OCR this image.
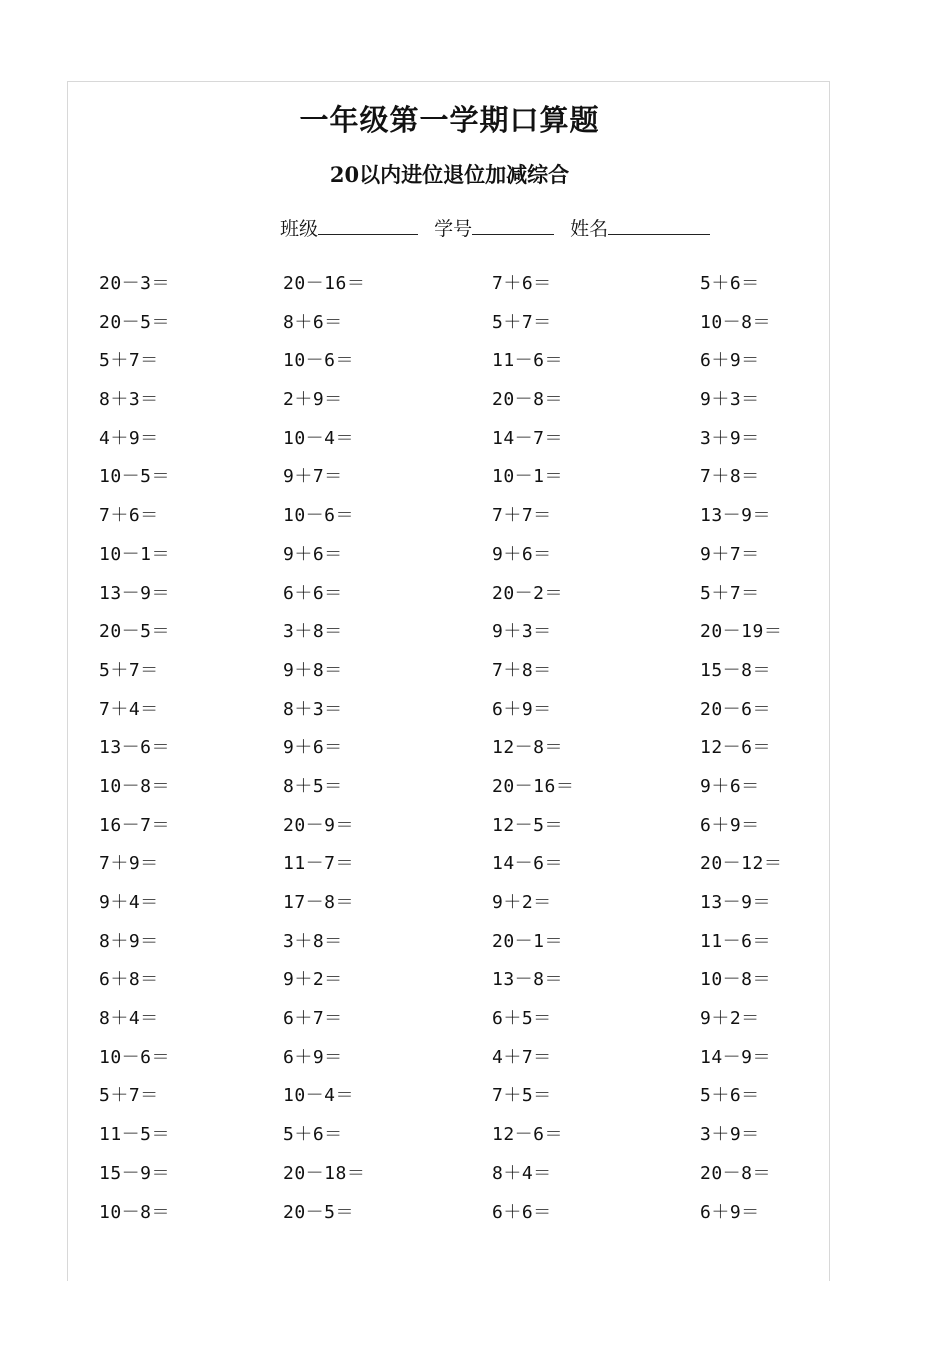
一年级第一学期口算题
20以内进位退位加减综合
班级	学号	姓名
20－3＝	20－16＝	7＋6＝	5＋6＝
20－5＝	8＋6＝	5＋7＝	10－8＝
5＋7＝	10－6＝	11－6＝	6＋9＝
8＋3＝	2＋9＝	20－8＝	9＋3＝
4＋9＝	10－4＝	14－7＝	3＋9＝
10－5＝	9＋7＝	10－1＝	7＋8＝
7＋6＝	10－6＝	7＋7＝	13－9＝
10－1＝	9＋6＝	9＋6＝	9＋7＝
13－9＝	6＋6＝	20－2＝	5＋7＝
20－5＝	3＋8＝	9＋3＝	20－19＝
5＋7＝	9＋8＝	7＋8＝	15－8＝
7＋4＝	8＋3＝	6＋9＝	20－6＝
13－6＝	9＋6＝	12－8＝	12－6＝
10－8＝	8＋5＝	20－16＝	9＋6＝
16－7＝	20－9＝	12－5＝	6＋9＝
7＋9＝	11－7＝	14－6＝	20－12＝
9＋4＝	17－8＝	9＋2＝	13－9＝
8＋9＝	3＋8＝	20－1＝	11－6＝
6＋8＝	9＋2＝	13－8＝	10－8＝
8＋4＝	6＋7＝	6＋5＝	9＋2＝
10－6＝	6＋9＝	4＋7＝	14－9＝
5＋7＝	10－4＝	7＋5＝	5＋6＝
11－5＝	5＋6＝	12－6＝	3＋9＝
15－9＝	20－18＝	8＋4＝	20－8＝
10－8＝	20－5＝	6＋6＝	6＋9＝
